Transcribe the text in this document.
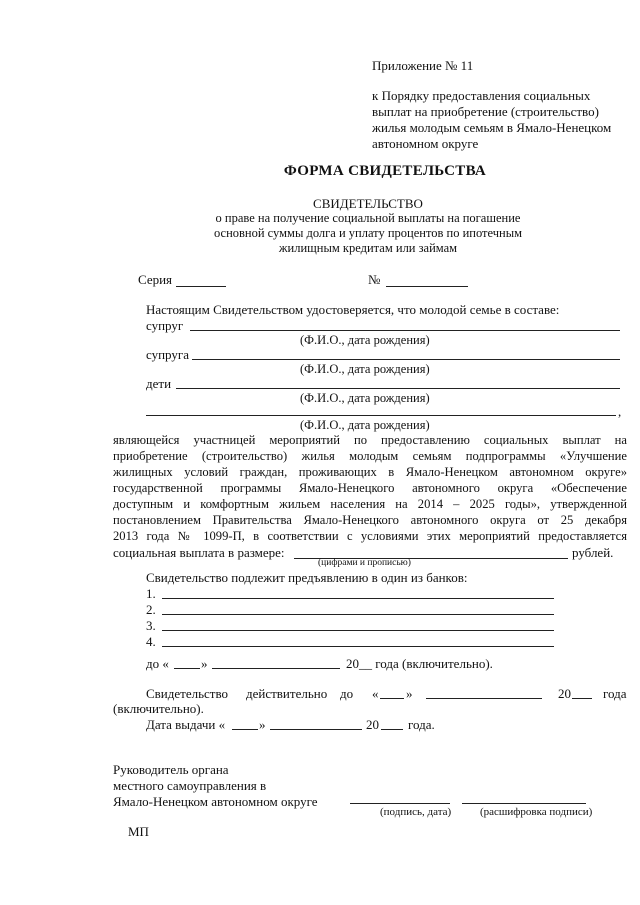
Приложение № 11
к Порядку предоставления социальных
выплат на приобретение (строительство)
жилья молодым семьям в Ямало-Ненецком
автономном округе
ФОРМА СВИДЕТЕЛЬСТВА
СВИДЕТЕЛЬСТВО
о праве на получение социальной выплаты на погашение
основной суммы долга и уплату процентов по ипотечным
жилищным кредитам или займам
Серия	№
Настоящим Свидетельством удостоверяется, что молодой семье в составе:
супруг
(Ф.И.О., дата рождения)
супруга
(Ф.И.О., дата рождения)
дети
(Ф.И.О., дата рождения)
,
(Ф.И.О., дата рождения)
являющейся участницей мероприятий по предоставлению социальных выплат на
приобретение (строительство) жилья молодым семьям подпрограммы «Улучшение
жилищных условий граждан, проживающих в Ямало-Ненецком автономном округе»
государственной программы Ямало-Ненецкого автономного округа «Обеспечение
доступным и комфортным жильем населения на 2014 – 2025 годы», утвержденной
постановлением Правительства Ямало-Ненецкого автономного округа от 25 декабря
2013 года № 1099-П, в соответствии с условиями этих мероприятий предоставляется
социальная выплата в размере:	рублей.
(цифрами и прописью)
Свидетельство подлежит предъявлению в один из банков:
1.
2.
3.
4.
до « »	20__ года (включительно).
Свидетельство действительно до « »	20 года
(включительно).
Дата выдачи «	»	20 года.
Руководитель органа
местного самоуправления в
Ямало-Ненецком автономном округе
(подпись, дата)	(расшифровка подписи)
МП
